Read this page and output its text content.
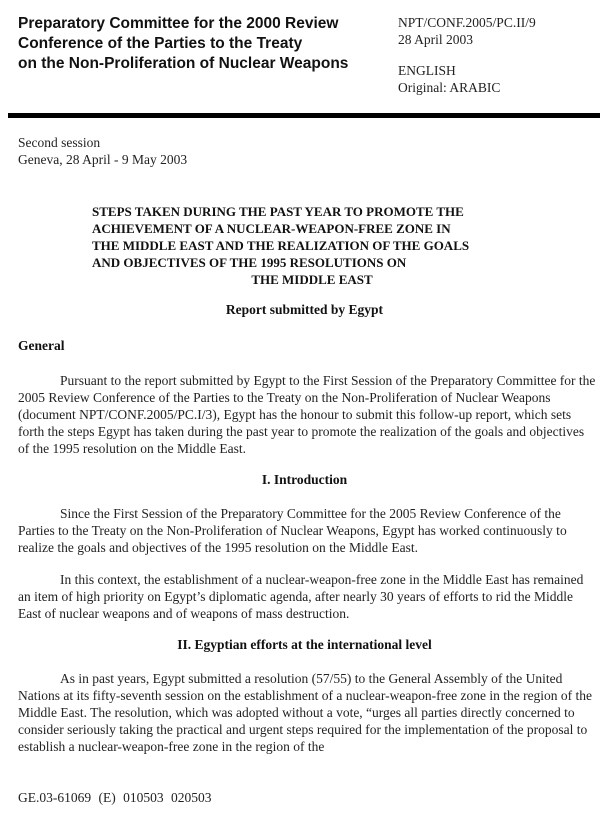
Preparatory Committee for the 2000 Review
Conference of the Parties to the Treaty
on the Non-Proliferation of Nuclear Weapons
NPT/CONF.2005/PC.II/9
28 April 2003
ENGLISH
Original: ARABIC
Second session
Geneva, 28 April - 9 May 2003
STEPS TAKEN DURING THE PAST YEAR TO PROMOTE THE
ACHIEVEMENT OF A NUCLEAR-WEAPON-FREE ZONE IN
THE MIDDLE EAST AND THE REALIZATION OF THE GOALS
AND OBJECTIVES OF THE 1995 RESOLUTIONS ON
THE MIDDLE EAST
Report submitted by Egypt
General
Pursuant to the report submitted by Egypt to the First Session of the Preparatory Committee for the 2005 Review Conference of the Parties to the Treaty on the Non-Proliferation of Nuclear Weapons (document NPT/CONF.2005/PC.I/3), Egypt has the honour to submit this follow-up report, which sets forth the steps Egypt has taken during the past year to promote the realization of the goals and objectives of the 1995 resolution on the Middle East.
I. Introduction
Since the First Session of the Preparatory Committee for the 2005 Review Conference of the Parties to the Treaty on the Non-Proliferation of Nuclear Weapons, Egypt has worked continuously to realize the goals and objectives of the 1995 resolution on the Middle East.
In this context, the establishment of a nuclear-weapon-free zone in the Middle East has remained an item of high priority on Egypt’s diplomatic agenda, after nearly 30 years of efforts to rid the Middle East of nuclear weapons and of weapons of mass destruction.
II. Egyptian efforts at the international level
As in past years, Egypt submitted a resolution (57/55) to the General Assembly of the United Nations at its fifty-seventh session on the establishment of a nuclear-weapon-free zone in the region of the Middle East. The resolution, which was adopted without a vote, “urges all parties directly concerned to consider seriously taking the practical and urgent steps required for the implementation of the proposal to establish a nuclear-weapon-free zone in the region of the
GE.03-61069 (E) 010503 020503
